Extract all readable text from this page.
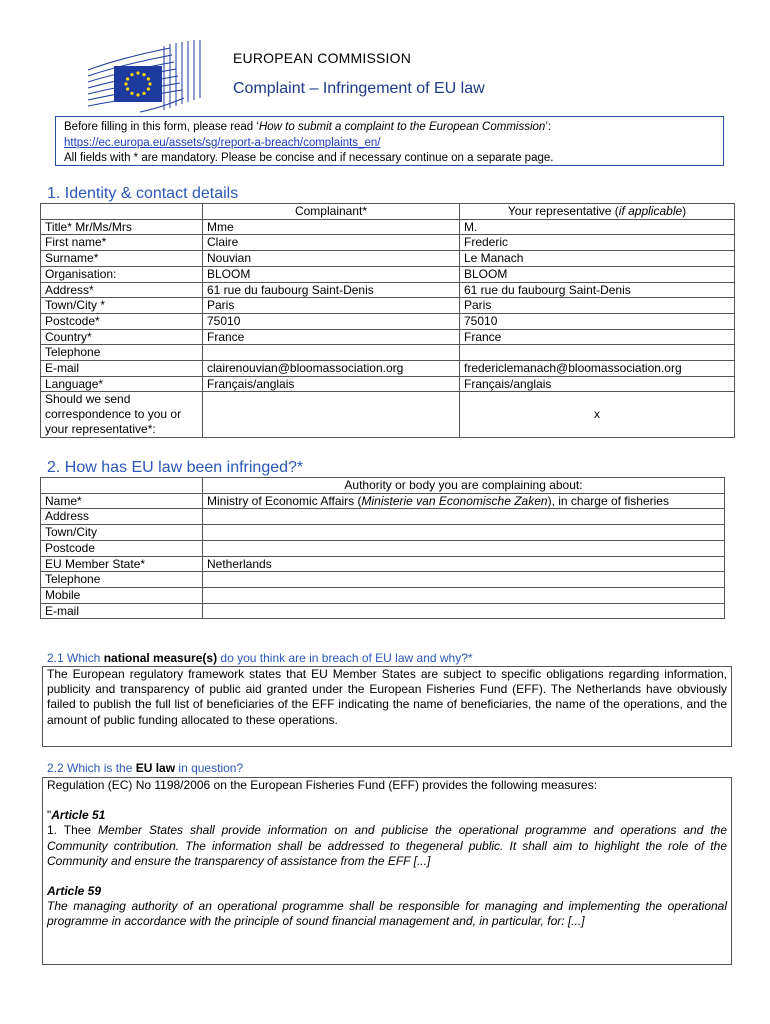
EUROPEAN COMMISSION
Complaint – Infringement of EU law
Before filling in this form, please read ‘How to submit a complaint to the European Commission’:
https://ec.europa.eu/assets/sg/report-a-breach/complaints_en/
All fields with * are mandatory. Please be concise and if necessary continue on a separate page.
1. Identity & contact details
	Complainant*	Your representative (if applicable)
Title* Mr/Ms/Mrs	Mme	M.
First name*	Claire	Frederic
Surname*	Nouvian	Le Manach
Organisation:	BLOOM	BLOOM
Address*	61 rue du faubourg Saint-Denis	61 rue du faubourg Saint-Denis
Town/City *	Paris	Paris
Postcode*	75010	75010
Country*	France	France
Telephone		
E-mail	clairenouvian@bloomassociation.org	fredericlemanach@bloomassociation.org
Language*	Français/anglais	Français/anglais
Should we send correspondence to you or your representative*:		x
2. How has EU law been infringed?*
	Authority or body you are complaining about:
Name*	Ministry of Economic Affairs (Ministerie van Economische Zaken), in charge of fisheries
Address	
Town/City	
Postcode	
EU Member State*	Netherlands
Telephone	
Mobile	
E-mail	
2.1 Which national measure(s) do you think are in breach of EU law and why?*

The European regulatory framework states that EU Member States are subject to specific obligations regarding information, publicity and transparency of public aid granted under the European Fisheries Fund (EFF). The Netherlands have obviously failed to publish the full list of beneficiaries of the EFF indicating the name of beneficiaries, the name of the operations, and the amount of public funding allocated to these operations.

2.2 Which is the EU law in question?

Regulation (EC) No 1198/2006 on the European Fisheries Fund (EFF) provides the following measures:

"Article 51

1. Thee Member States shall provide information on and publicise the operational programme and operations and the Community contribution. The information shall be addressed to thegeneral public. It shall aim to highlight the role of the Community and ensure the transparency of assistance from the EFF [...]

Article 59

The managing authority of an operational programme shall be responsible for managing and implementing the operational programme in accordance with the principle of sound financial management and, in particular, for: [...]
